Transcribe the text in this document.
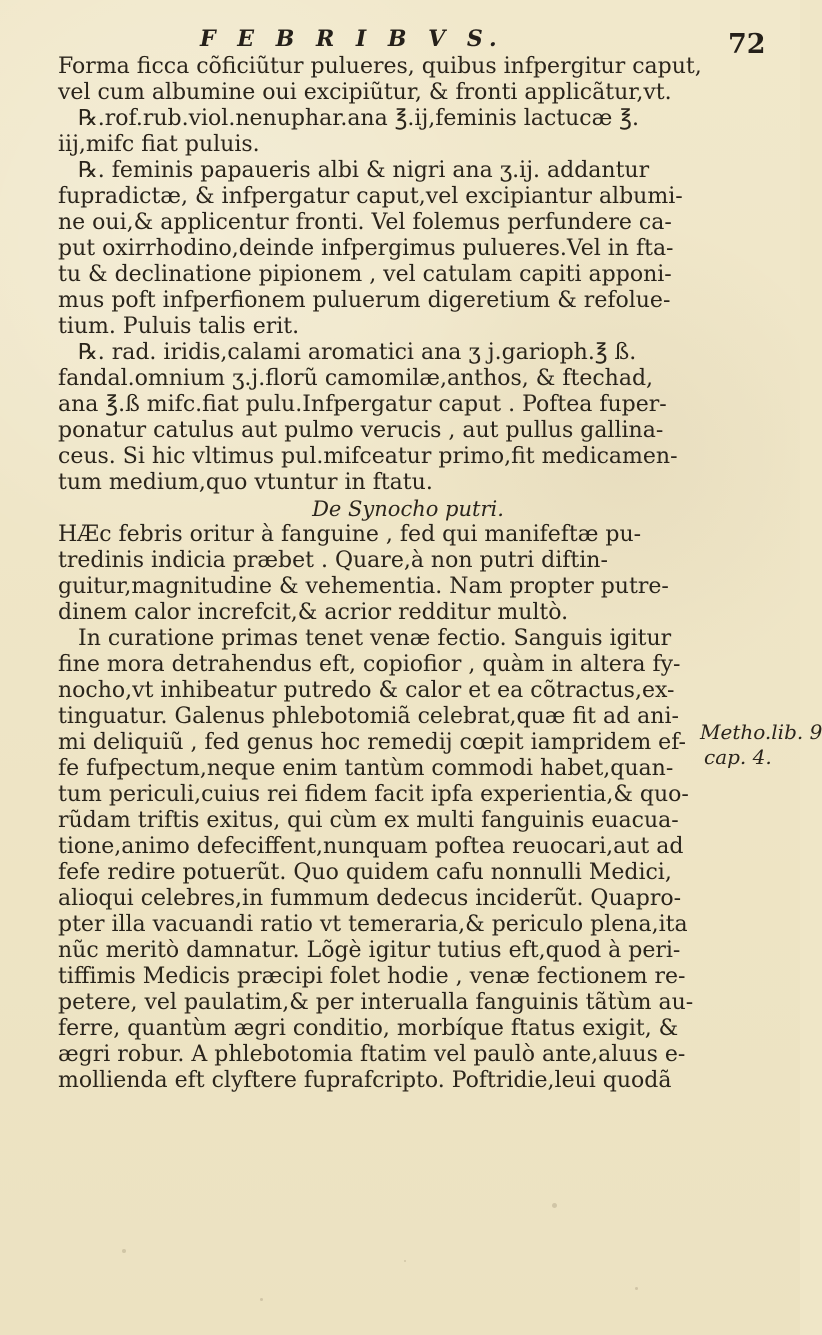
F E B R I B V S.	72

Forma ficca cõficiũtur pulueres, quibus infpergitur caput,
vel cum albumine oui excipiũtur, & fronti applicãtur,vt.
℞.rof.rub.viol.nenuphar.ana ℥.ij,feminis lactucæ ℥.
iij,mifc fiat puluis.
℞. feminis papaueris albi & nigri ana ʒ.ij. addantur
fupradictæ, & infpergatur caput,vel excipiantur albumi-
ne oui,& applicentur fronti. Vel folemus perfundere ca-
put oxirrhodino,deinde infpergimus pulueres.Vel in fta-
tu & declinatione pipionem , vel catulam capiti apponi-
mus poft infperfionem puluerum digeretium & refolue-
tium. Puluis talis erit.
℞. rad. iridis,calami aromatici ana ʒ j.garioph.℥ ß.
fandal.omnium ʒ.j.florũ camomilæ,anthos, & ftechad,
ana ℥.ß mifc.fiat pulu.Infpergatur caput . Poftea fuper-
ponatur catulus aut pulmo verucis , aut pullus gallina-
ceus. Si hic vltimus pul.mifceatur primo,fit medicamen-
tum medium,quo vtuntur in ftatu.
De Synocho putri.
HÆc febris oritur à fanguine , fed qui manifeftæ pu-
tredinis indicia præbet . Quare,à non putri diftin-
guitur,magnitudine & vehementia. Nam propter putre-
dinem calor increfcit,& acrior redditur multò.
In curatione primas tenet venæ fectio. Sanguis igitur
fine mora detrahendus eft, copiofior , quàm in altera fy-
nocho,vt inhibeatur putredo & calor et ea cõtractus,ex-
tinguatur. Galenus phlebotomiã celebrat,quæ fit ad ani-
mi deliquiũ , fed genus hoc remedij cœpit iampridem ef-
fe fufpectum,neque enim tantùm commodi habet,quan-
tum periculi,cuius rei fidem facit ipfa experientia,& quo-
rũdam triftis exitus, qui cùm ex multi fanguinis euacua-
tione,animo defeciffent,nunquam poftea reuocari,aut ad
fefe redire potuerũt. Quo quidem cafu nonnulli Medici,
alioqui celebres,in fummum dedecus inciderũt. Quapro-
pter illa vacuandi ratio vt temeraria,& periculo plena,ita
nũc meritò damnatur. Lõgè igitur tutius eft,quod à peri-
tiffimis Medicis præcipi folet hodie , venæ fectionem re-
petere, vel paulatim,& per interualla fanguinis tãtùm au-
ferre, quantùm ægri conditio, morbíque ftatus exigit, &
ægri robur. A phlebotomia ftatim vel paulò ante,aluus e-
mollienda eft clyftere fuprafcripto. Poftridie,leui quodã
Metho.lib. 9
cap. 4.
